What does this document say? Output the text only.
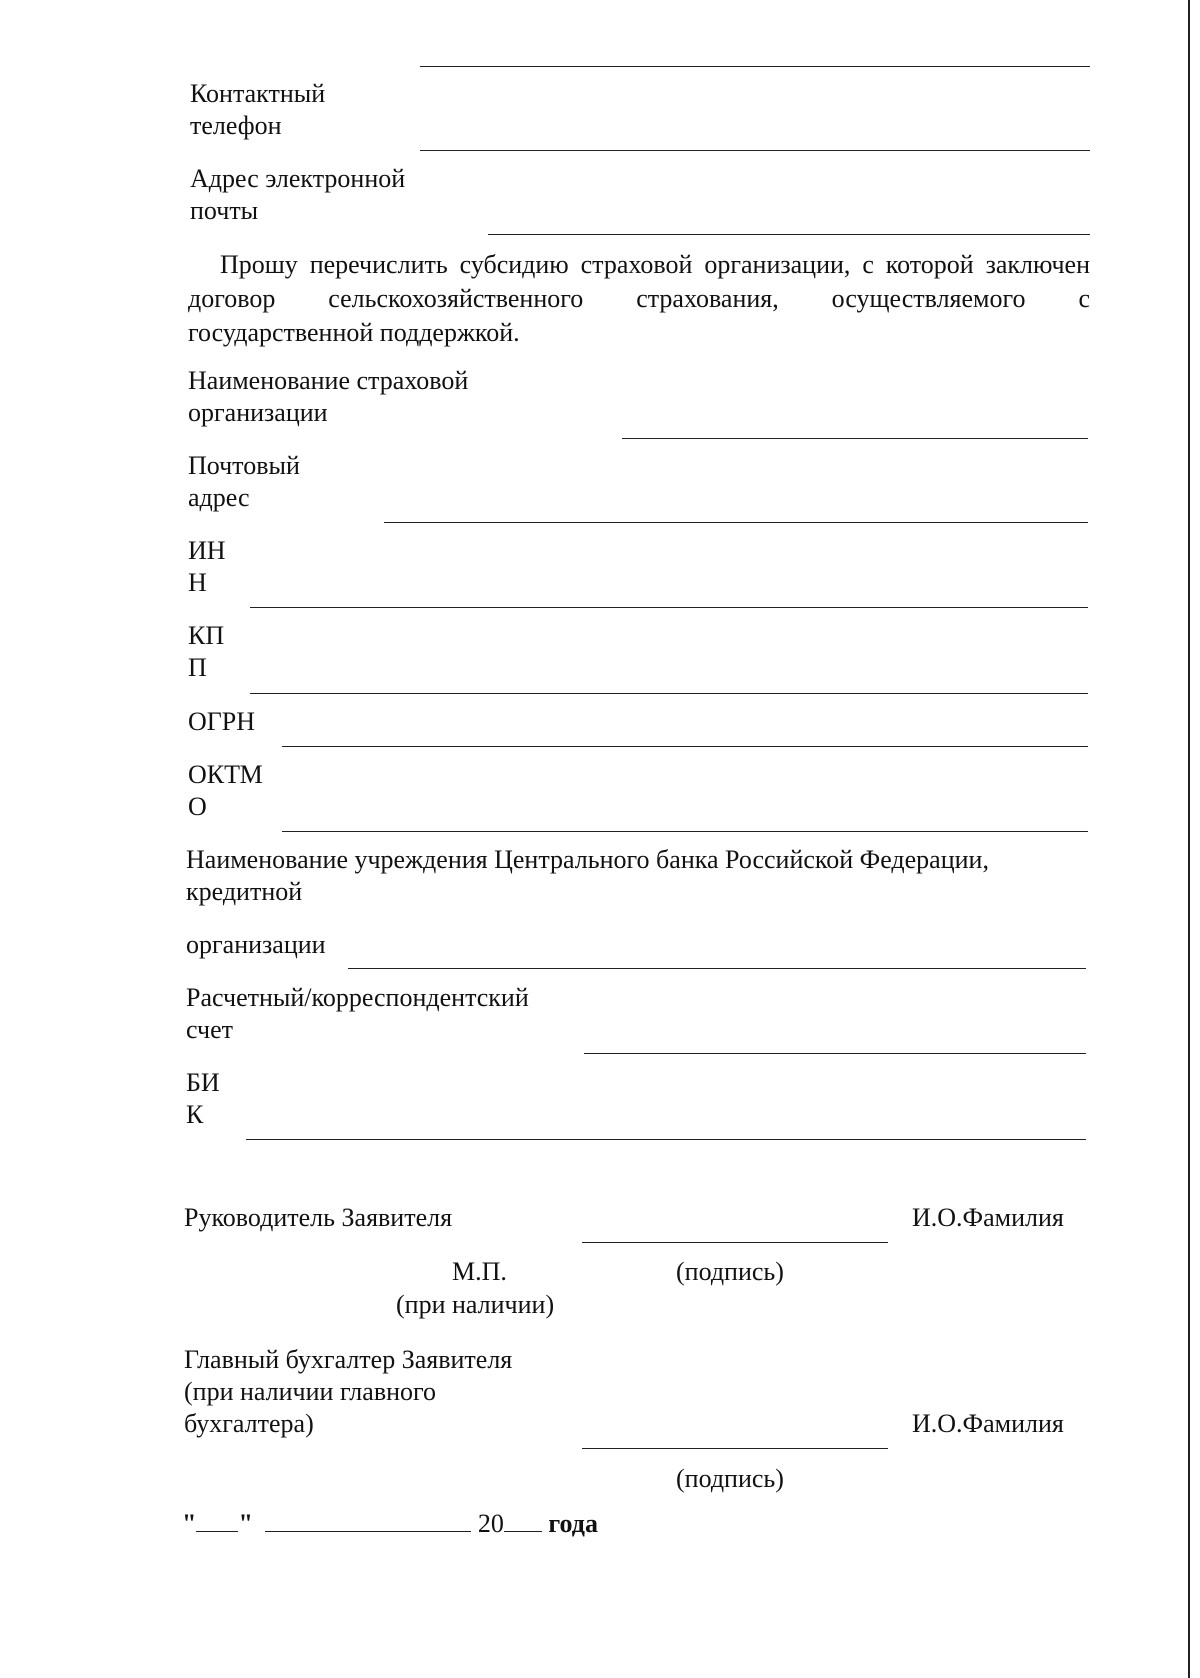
Контактный
телефон
Адрес электронной
почты
Прошу перечислить субсидию страховой организации, с которой заключен договор сельскохозяйственного страхования, осуществляемого с государственной поддержкой.
Наименование страховой
организации
Почтовый
адрес
ИН
Н
КП
П
ОГРН
ОКТМ
О
Наименование учреждения Центрального банка Российской Федерации,
кредитной
организации
Расчетный/корреспондентский
счет
БИ
К
Руководитель Заявителя	И.О.Фамилия
М.П.	(подпись)
(при наличии)
Главный бухгалтер Заявителя
(при наличии главного
бухгалтера)	И.О.Фамилия
(подпись)
" "	20 года
